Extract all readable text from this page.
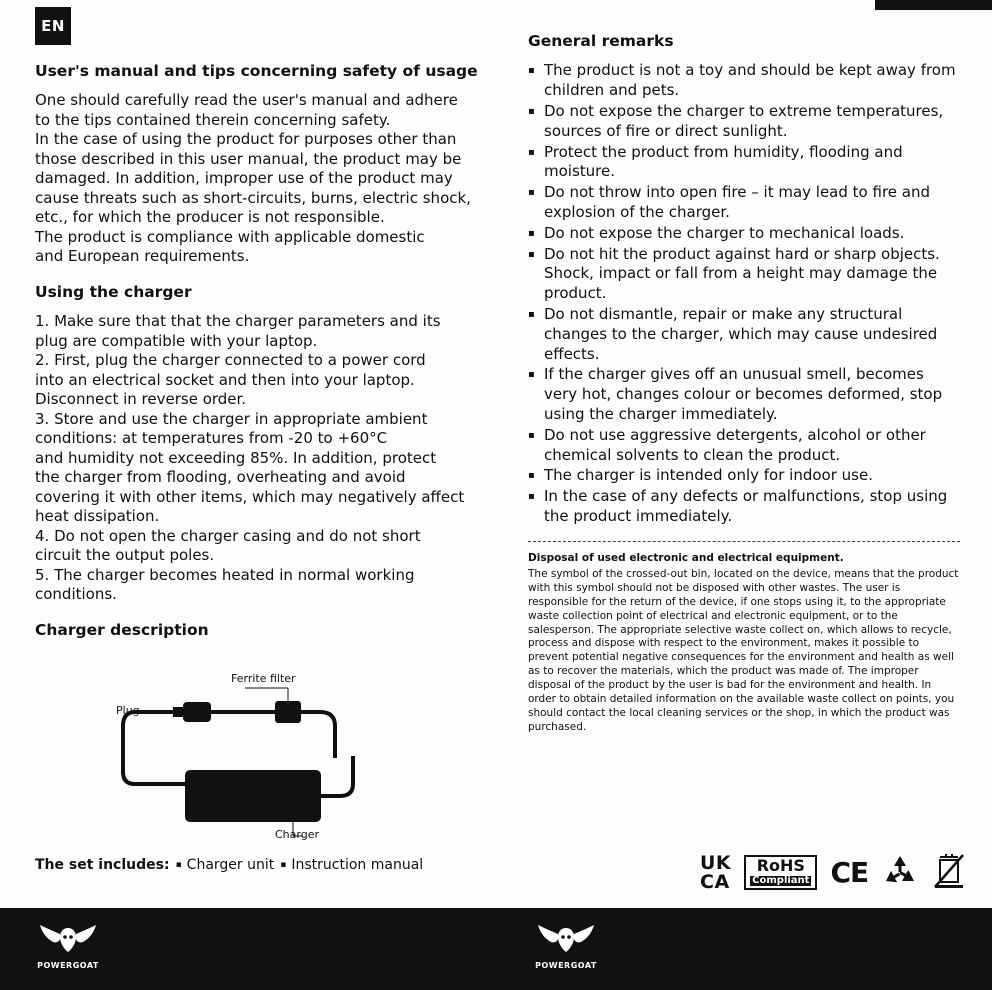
EN
User's manual and tips concerning safety of usage

One should carefully read the user's manual and adhere

to the tips contained therein concerning safety.

In the case of using the product for purposes other than

those described in this user manual, the product may be

damaged. In addition, improper use of the product may

cause threats such as short-circuits, burns, electric shock,

etc., for which the producer is not responsible.

The product is compliance with applicable domestic

and European requirements.

Using the charger

1. Make sure that that the charger parameters and its

plug are compatible with your laptop.

2. First, plug the charger connected to a power cord

into an electrical socket and then into your laptop.

Disconnect in reverse order.

3. Store and use the charger in appropriate ambient

conditions: at temperatures from -20 to +60°C

and humidity not exceeding 85%. In addition, protect

the charger from flooding, overheating and avoid

covering it with other items, which may negatively affect

heat dissipation.

4. Do not open the charger casing and do not short

circuit the output poles.

5. The charger becomes heated in normal working

conditions.

Charger description
Ferrite filter
Plug
Charger
The set includes: ▪ Charger unit ▪ Instruction manual
General remarks
▪ The product is not a toy and should be kept away from children and pets.
▪ Do not expose the charger to extreme temperatures, sources of fire or direct sunlight.
▪ Protect the product from humidity, flooding and moisture.
▪ Do not throw into open fire – it may lead to fire and explosion of the charger.
▪ Do not expose the charger to mechanical loads.
▪ Do not hit the product against hard or sharp objects. Shock, impact or fall from a height may damage the product.
▪ Do not dismantle, repair or make any structural changes to the charger, which may cause undesired effects.
▪ If the charger gives off an unusual smell, becomes very hot, changes colour or becomes deformed, stop using the charger immediately.
▪ Do not use aggressive detergents, alcohol or other chemical solvents to clean the product.
▪ The charger is intended only for indoor use.
▪ In the case of any defects or malfunctions, stop using the product immediately.

Disposal of used electronic and electrical equipment.

The symbol of the crossed-out bin, located on the device, means that the product with this symbol should not be disposed with other wastes. The user is responsible for the return of the device, if one stops using it, to the appropriate waste collection point of electrical and electronic equipment, or to the salesperson. The appropriate selective waste collect on, which allows to recycle, process and dispose with respect to the environment, makes it possible to prevent potential negative consequences for the environment and health as well as to recover the materials, which the product was made of. The improper disposal of the product by the user is bad for the environment and health. In order to obtain detailed information on the available waste collect on points, you should contact the local cleaning services or the shop, in which the product was purchased.

UK
CA
RoHS
Compliant CE
POWERGOAT	POWERGOAT
